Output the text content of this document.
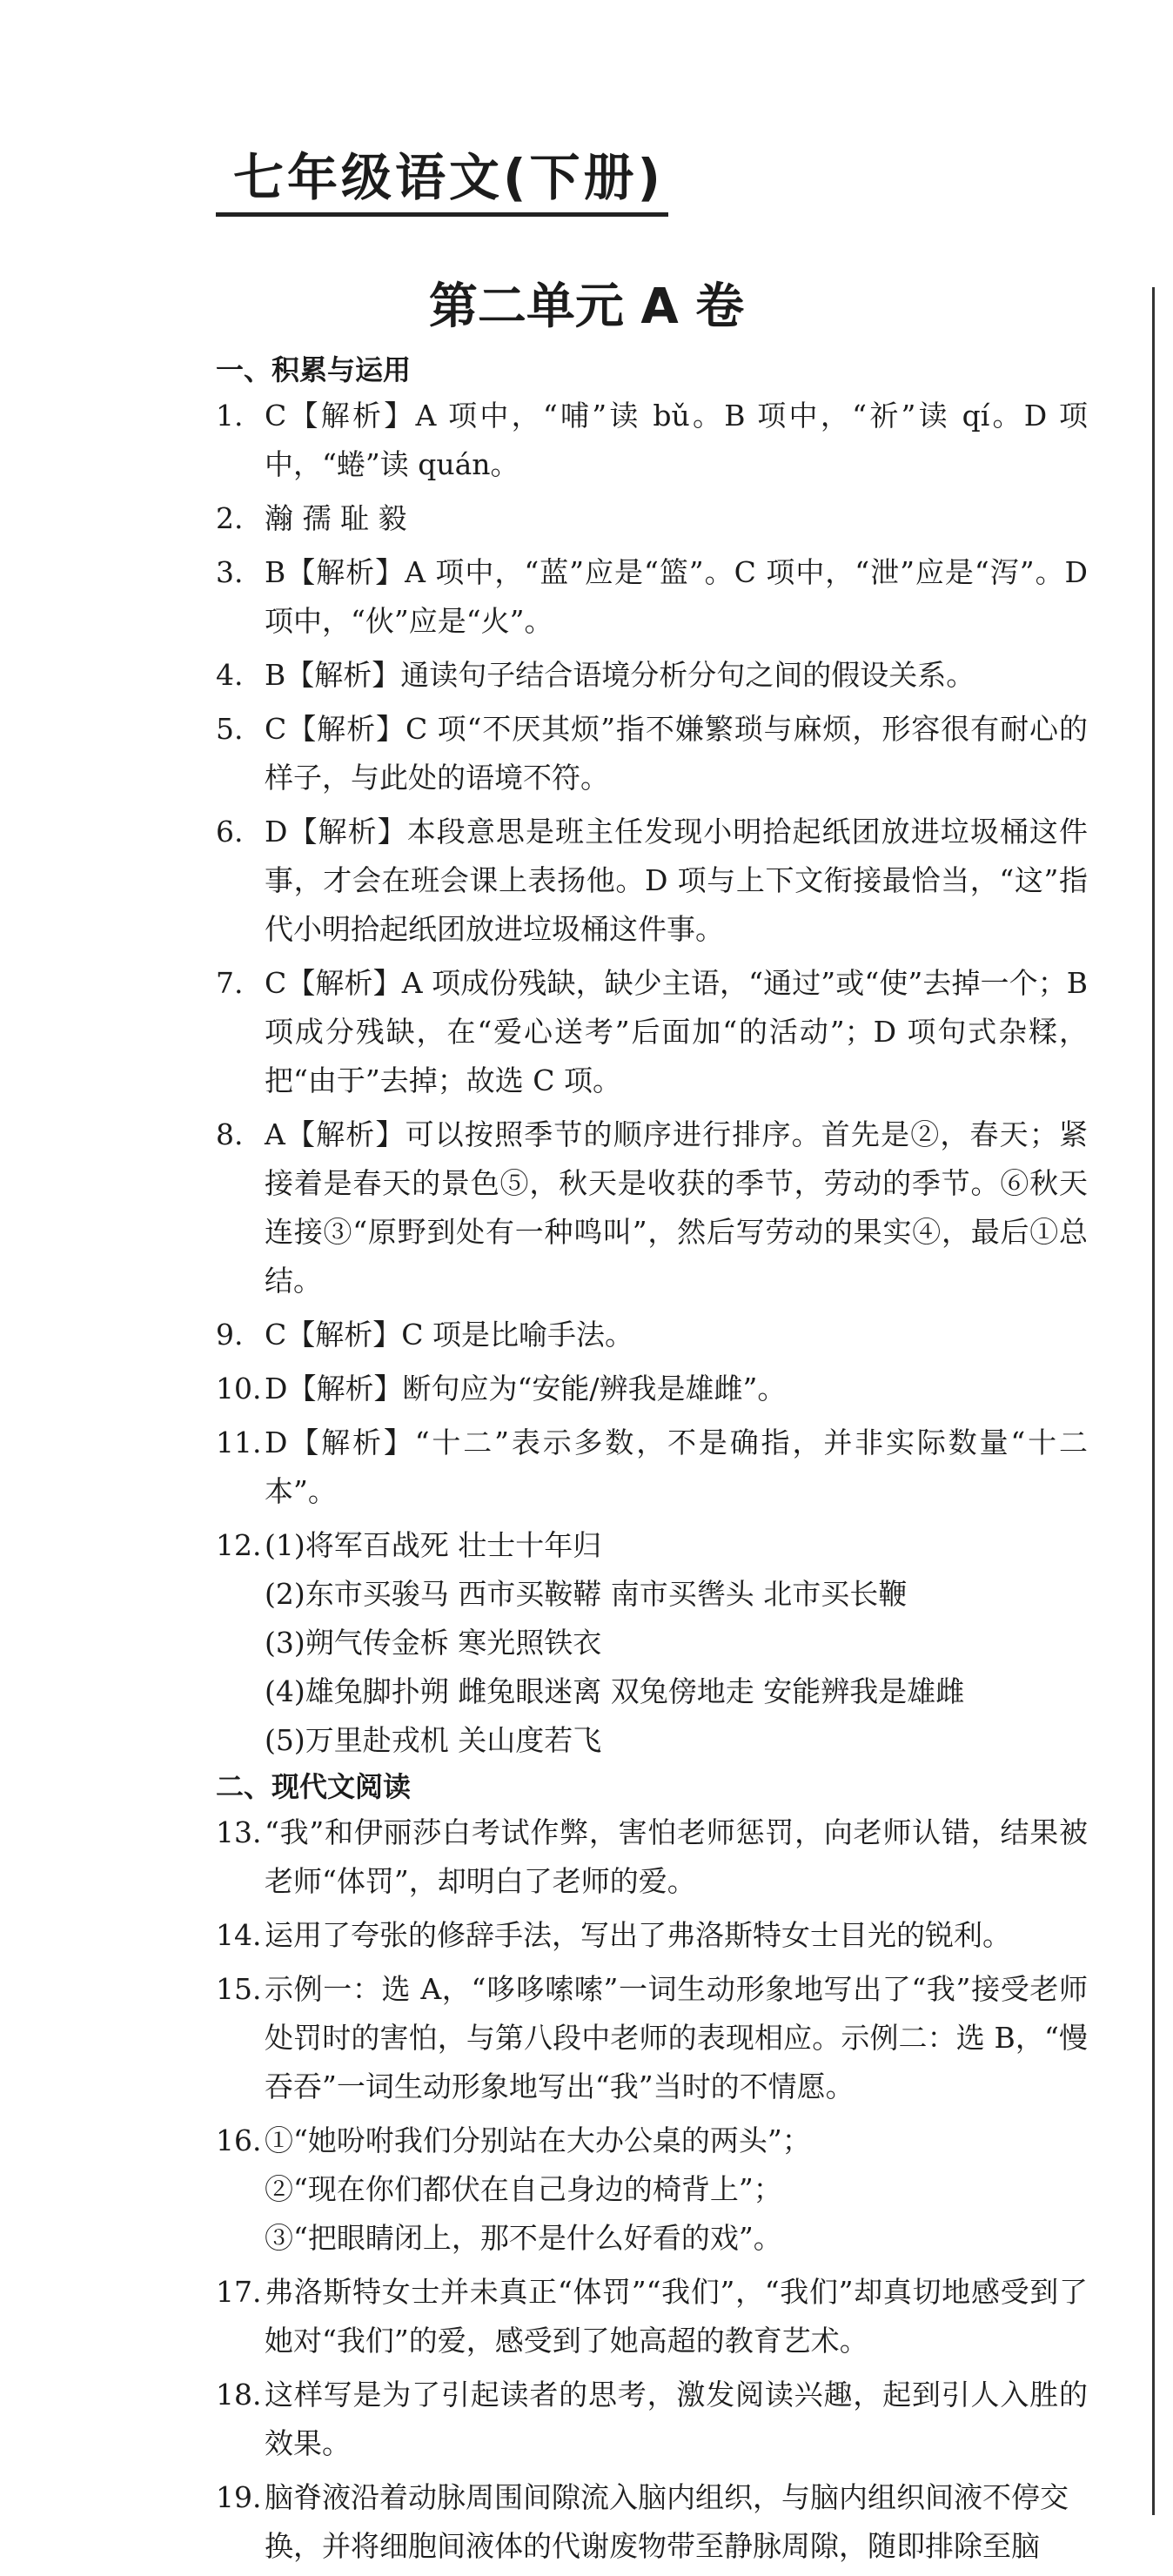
七年级语文(下册)
第二单元 A 卷
一、积累与运用
1. C【解析】A 项中，“哺”读 bǔ。B 项中，“祈”读 qí。D 项中，“蜷”读 quán。
2. 瀚 孺 耻 毅
3. B【解析】A 项中，“蓝”应是“篮”。C 项中，“泄”应是“泻”。D 项中，“伙”应是“火”。
4. B【解析】通读句子结合语境分析分句之间的假设关系。
5. C【解析】C 项“不厌其烦”指不嫌繁琐与麻烦，形容很有耐心的样子，与此处的语境不符。
6. D【解析】本段意思是班主任发现小明拾起纸团放进垃圾桶这件事，才会在班会课上表扬他。D 项与上下文衔接最恰当，“这”指代小明拾起纸团放进垃圾桶这件事。
7. C【解析】A 项成份残缺，缺少主语，“通过”或“使”去掉一个；B 项成分残缺，在“爱心送考”后面加“的活动”；D 项句式杂糅，把“由于”去掉；故选 C 项。
8. A【解析】可以按照季节的顺序进行排序。首先是②，春天；紧接着是春天的景色⑤，秋天是收获的季节，劳动的季节。⑥秋天连接③“原野到处有一种鸣叫”，然后写劳动的果实④，最后①总结。
9. C【解析】C 项是比喻手法。
10. D【解析】断句应为“安能/辨我是雄雌”。
11. D【解析】“十二”表示多数，不是确指，并非实际数量“十二本”。
12. (1)将军百战死 壮士十年归
(2)东市买骏马 西市买鞍鞯 南市买辔头 北市买长鞭
(3)朔气传金柝 寒光照铁衣
(4)雄兔脚扑朔 雌兔眼迷离 双兔傍地走 安能辨我是雄雌
(5)万里赴戎机 关山度若飞
二、现代文阅读
13. “我”和伊丽莎白考试作弊，害怕老师惩罚，向老师认错，结果被老师“体罚”，却明白了老师的爱。
14. 运用了夸张的修辞手法，写出了弗洛斯特女士目光的锐利。
15. 示例一：选 A，“哆哆嗦嗦”一词生动形象地写出了“我”接受老师处罚时的害怕，与第八段中老师的表现相应。示例二：选 B，“慢吞吞”一词生动形象地写出“我”当时的不情愿。
16. ①“她吩咐我们分别站在大办公桌的两头”；
②“现在你们都伏在自己身边的椅背上”；
③“把眼睛闭上，那不是什么好看的戏”。
17. 弗洛斯特女士并未真正“体罚”“我们”，“我们”却真切地感受到了她对“我们”的爱，感受到了她高超的教育艺术。
18. 这样写是为了引起读者的思考，激发阅读兴趣，起到引人入胜的效果。
19. 脑脊液沿着动脉周围间隙流入脑内组织，与脑内组织间液不停交
换，并将细胞间液体的代谢废物带至静脉周隙，随即排除至脑
